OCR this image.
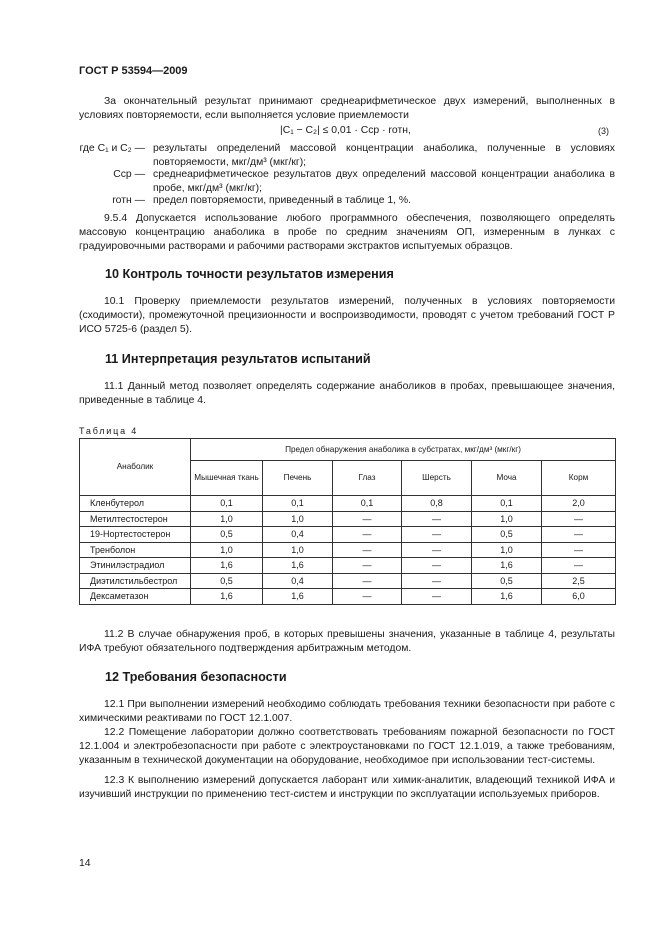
ГОСТ Р 53594—2009
За окончательный результат принимают среднеарифметическое двух измерений, выполненных в условиях повторяемости, если выполняется условие приемлемости
|C₁ − C₂| ≤ 0,01 · Cср · rотн,	(3)
где C₁ и C₂ — результаты определений массовой концентрации анаболика, полученные в условиях повторяемости, мкг/дм³ (мкг/кг);
Cср — среднеарифметическое результатов двух определений массовой концентрации анаболика в пробе, мкг/дм³ (мкг/кг);
rотн — предел повторяемости, приведенный в таблице 1, %.
9.5.4 Допускается использование любого программного обеспечения, позволяющего определять массовую концентрацию анаболика в пробе по средним значениям ОП, измеренным в лунках с градуировочными растворами и рабочими растворами экстрактов испытуемых образцов.
10 Контроль точности результатов измерения
10.1 Проверку приемлемости результатов измерений, полученных в условиях повторяемости (сходимости), промежуточной прецизионности и воспроизводимости, проводят с учетом требований ГОСТ Р ИСО 5725-6 (раздел 5).
11 Интерпретация результатов испытаний
11.1 Данный метод позволяет определять содержание анаболиков в пробах, превышающее значения, приведенные в таблице 4.
Таблица 4
Анаболик	Предел обнаружения анаболика в субстратах, мкг/дм³ (мкг/кг)					
	Мышечная ткань	Печень	Глаз	Шерсть	Моча	Корм
Кленбутерол	0,1	0,1	0,1	0,8	0,1	2,0
Метилтестостерон	1,0	1,0	—	—	1,0	—
19-Нортестостерон	0,5	0,4	—	—	0,5	—
Тренболон	1,0	1,0	—	—	1,0	—
Этинилэстрадиол	1,6	1,6	—	—	1,6	—
Диэтилстильбестрол	0,5	0,4	—	—	0,5	2,5
Дексаметазон	1,6	1,6	—	—	1,6	6,0
11.2 В случае обнаружения проб, в которых превышены значения, указанные в таблице 4, результаты ИФА требуют обязательного подтверждения арбитражным методом.
12 Требования безопасности
12.1 При выполнении измерений необходимо соблюдать требования техники безопасности при работе с химическими реактивами по ГОСТ 12.1.007.
12.2 Помещение лаборатории должно соответствовать требованиям пожарной безопасности по ГОСТ 12.1.004 и электробезопасности при работе с электроустановками по ГОСТ 12.1.019, а также требованиям, указанным в технической документации на оборудование, необходимое при использовании тест-системы.
12.3 К выполнению измерений допускается лаборант или химик-аналитик, владеющий техникой ИФА и изучивший инструкции по применению тест-систем и инструкции по эксплуатации используемых приборов.
14
